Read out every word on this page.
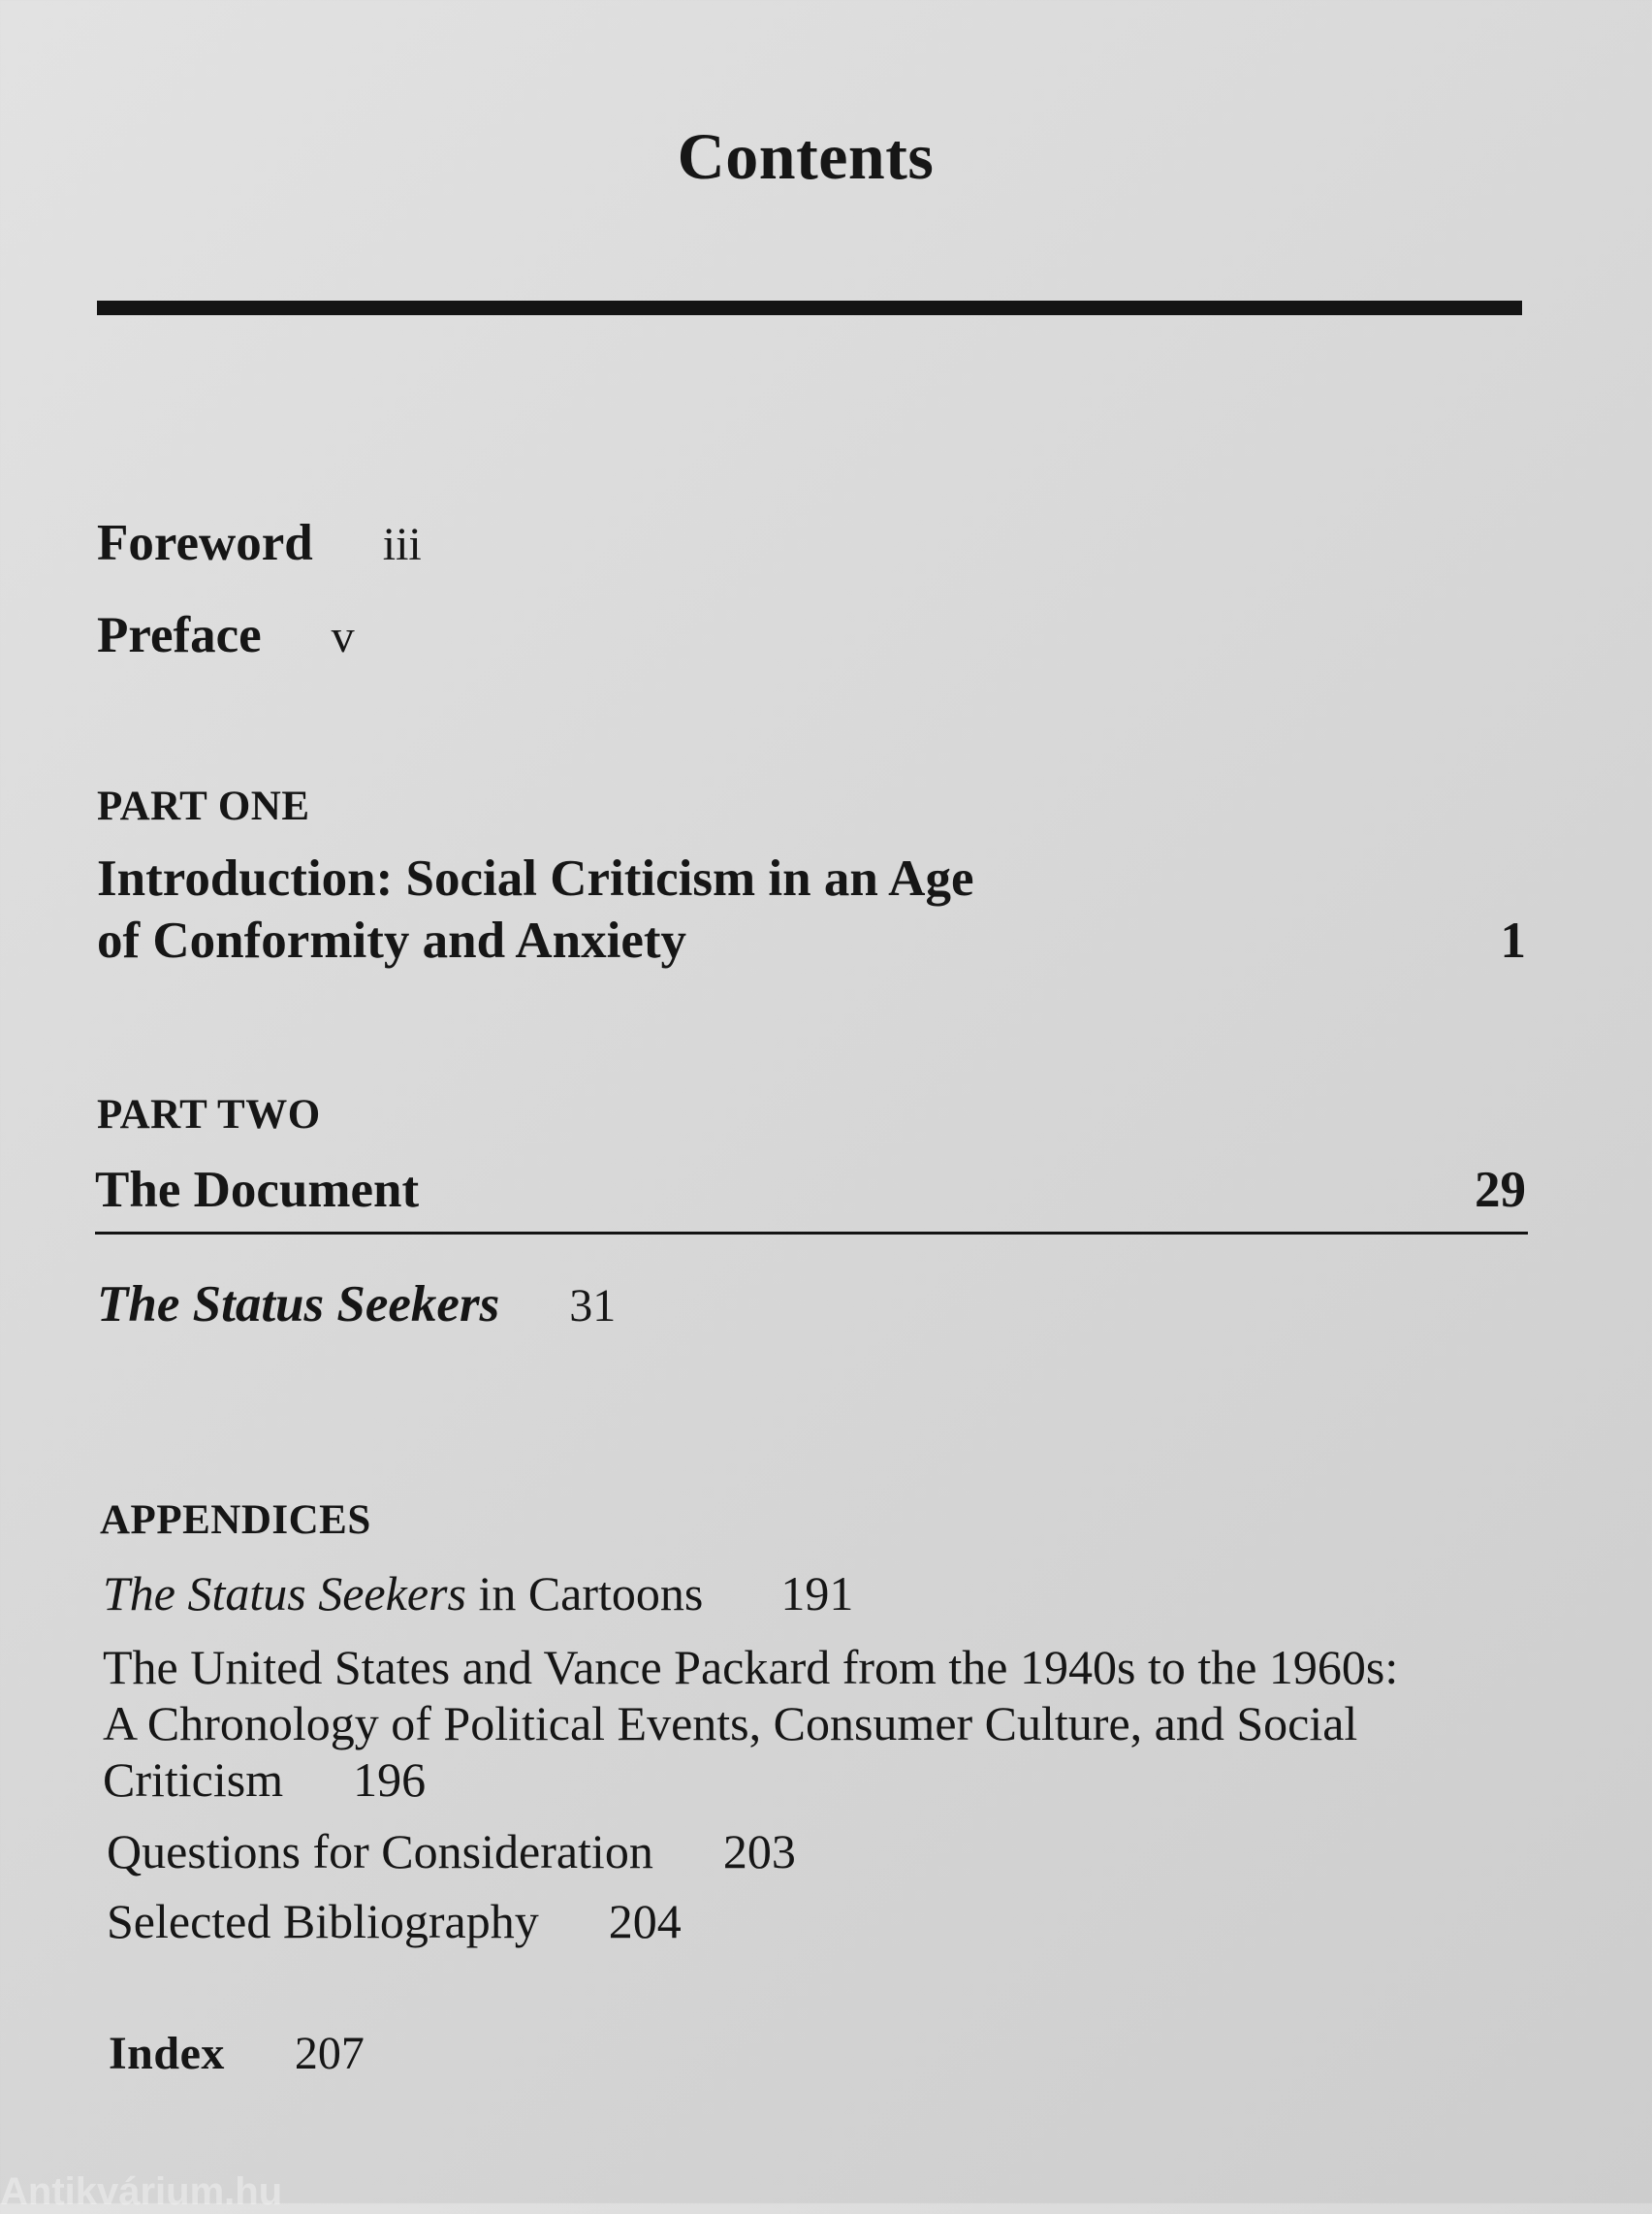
Contents
Foreword iii
Preface v
PART ONE
Introduction: Social Criticism in an Age
of Conformity and Anxiety	1
PART TWO
The Document	29
The Status Seekers 31
APPENDICES
The Status Seekers in Cartoons 191
The United States and Vance Packard from the 1940s to the 1960s:
A Chronology of Political Events, Consumer Culture, and Social
Criticism 196
Questions for Consideration 203
Selected Bibliography 204
Index 207
Antikvárium.hu
